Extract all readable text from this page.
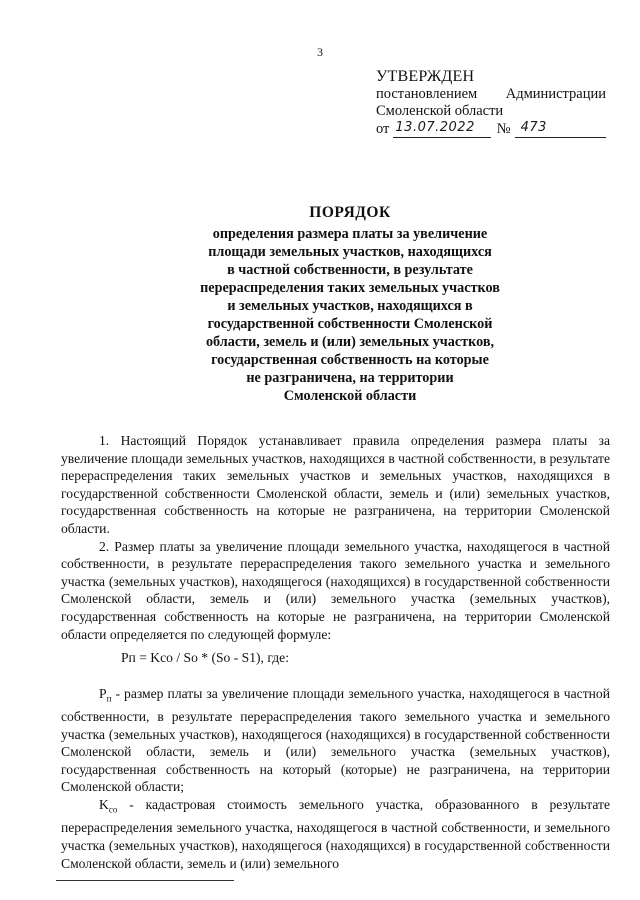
3
УТВЕРЖДЕН
постановлением Администрации
Смоленской области
от 13.07.2022 № 473
ПОРЯДОК
определения размера платы за увеличение
площади земельных участков, находящихся
в частной собственности, в результате
перераспределения таких земельных участков
и земельных участков, находящихся в
государственной собственности Смоленской
области, земель и (или) земельных участков,
государственная собственность на которые
не разграничена, на территории
Смоленской области

1. Настоящий Порядок устанавливает правила определения размера платы за увеличение площади земельных участков, находящихся в частной собственности, в результате перераспределения таких земельных участков и земельных участков, находящихся в государственной собственности Смоленской области, земель и (или) земельных участков, государственная собственность на которые не разграничена, на территории Смоленской области.

2. Размер платы за увеличение площади земельного участка, находящегося в частной собственности, в результате перераспределения такого земельного участка и земельного участка (земельных участков), находящегося (находящихся) в государственной собственности Смоленской области, земель и (или) земельного участка (земельных участков), государственная собственность на которые не разграничена, на территории Смоленской области определяется по следующей формуле:

Pп = Kсо / Sо * (Sо - S1), где:

$P_п$ - размер платы за увеличение площади земельного участка, находящегося в частной собственности, в результате перераспределения такого земельного участка и земельного участка (земельных участков), находящегося (находящихся) в государственной собственности Смоленской области, земель и (или) земельного участка (земельных участков), государственная собственность на который (которые) не разграничена, на территории Смоленской области;

$K_{со}$ - кадастровая стоимость земельного участка, образованного в результате перераспределения земельного участка, находящегося в частной собственности, и земельного участка (земельных участков), находящегося (находящихся) в государственной собственности Смоленской области, земель и (или) земельного
